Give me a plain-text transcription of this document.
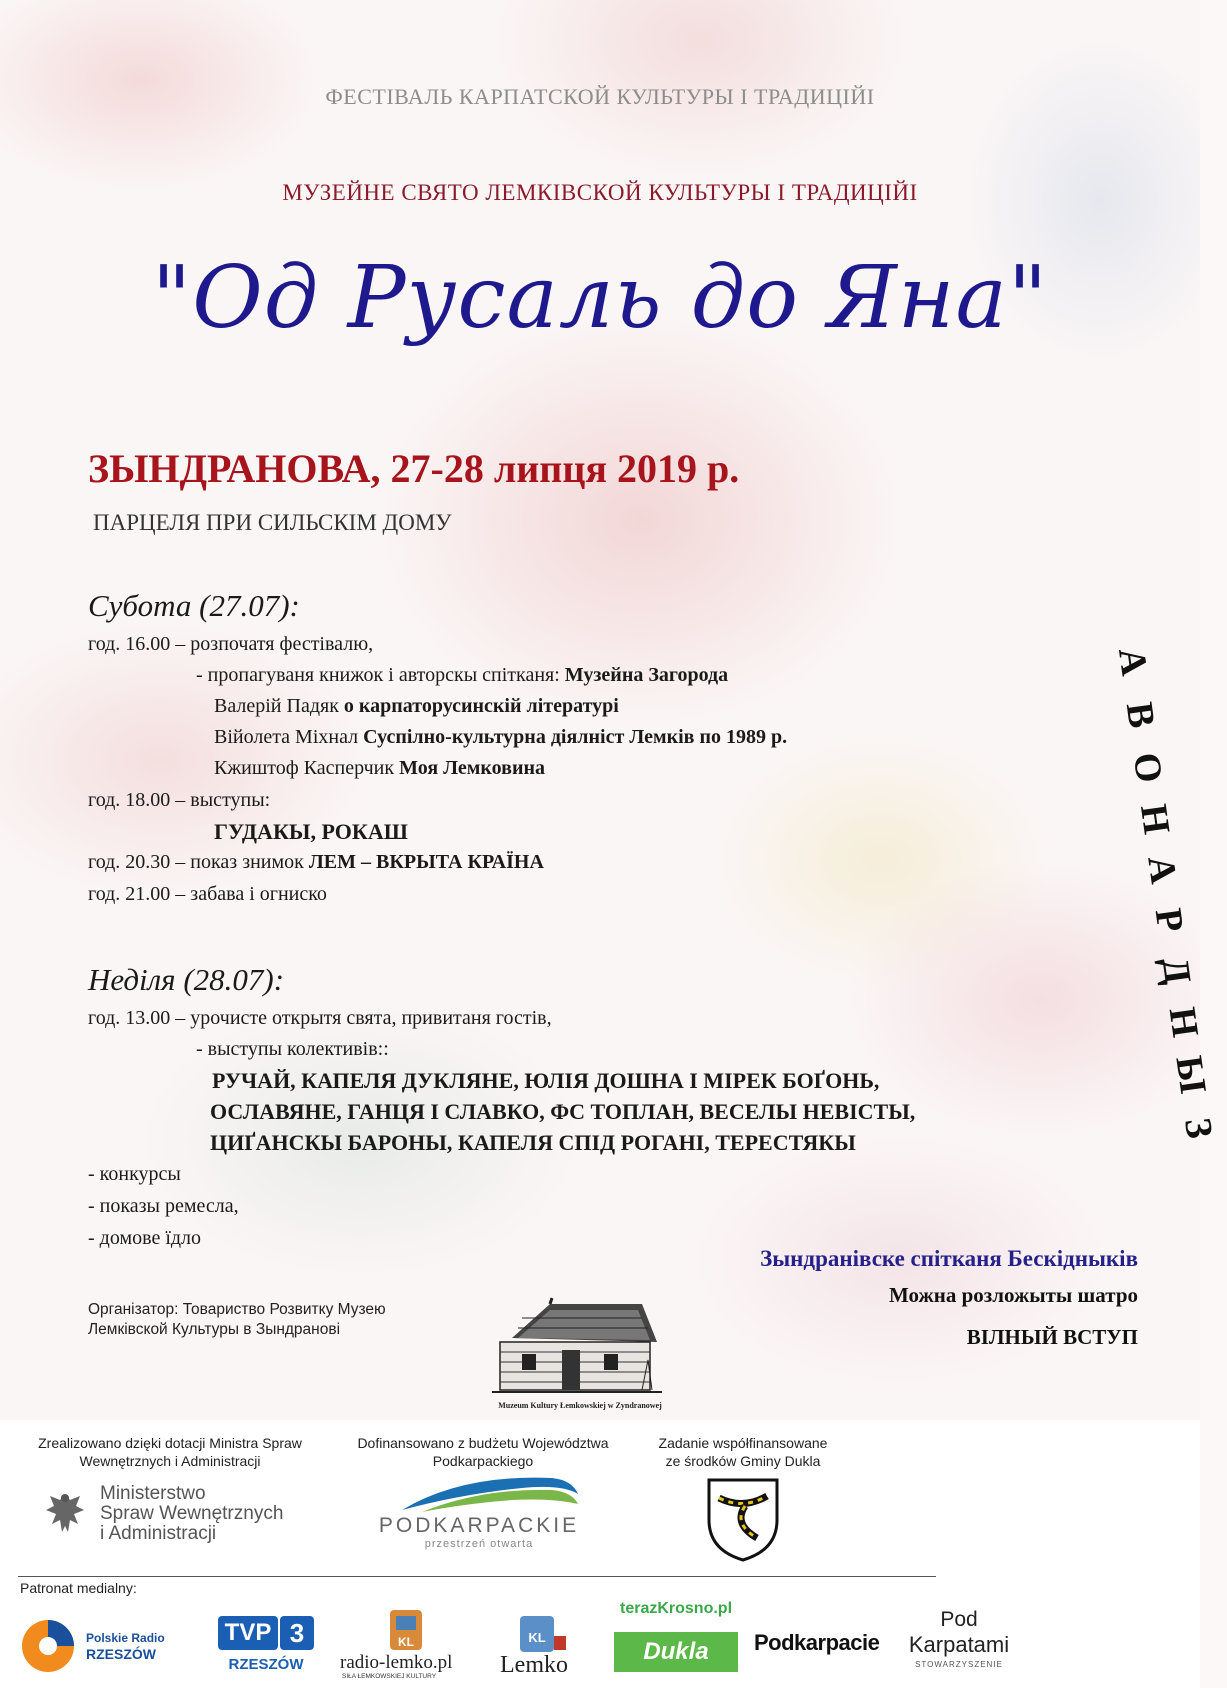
ФЕСТІВАЛЬ КАРПАТСКОЙ КУЛЬТУРЫ І ТРАДИЦІЙІ
МУЗЕЙНЕ СВЯТО ЛЕМКІВСКОЙ КУЛЬТУРЫ І ТРАДИЦІЙІ
"Од Русаль до Яна"
ЗЫНДРАНОВА, 27-28 липця 2019 р.
ПАРЦЕЛЯ ПРИ СИЛЬСКІМ ДОМУ
Субота (27.07):
год. 16.00 – розпочатя фестівалю,
- пропагуваня книжок і авторскы спітканя: Музейна Загорода
Валерій Падяк о карпаторусинскій літературі
Війолета Міхнал Суспілно-культурна діялніст Лемків по 1989 р.
Кжиштоф Касперчик Моя Лемковина
год. 18.00 – выступы:
ГУДАКЫ, РОКАШ
год. 20.30 – показ знимок ЛЕМ – ВКРЫТА КРАЇНА
год. 21.00 – забава і огниско
Неділя (28.07):
год. 13.00 – урочисте открытя свята, привитаня гостів,
- выступы колективів::
РУЧАЙ, КАПЕЛЯ ДУКЛЯНЕ, ЮЛІЯ ДОШНА І МІРЕК БОҐОНЬ,
ОСЛАВЯНЕ, ГАНЦЯ І СЛАВКО, ФС ТОПЛАН, ВЕСЕЛЫ НЕВІСТЫ,
ЦИҐАНСКЫ БАРОНЫ, КАПЕЛЯ СПІД РОГАНІ, ТЕРЕСТЯКЫ
- конкурсы
- показы ремесла,
- домове їдло
А
В
О
Н
А
Р
Д
Н
Ы
З
Зындранівске спітканя Бескідныків
Можна розложыты шатро
ВІЛНЫЙ ВСТУП
Організатор: Товариство Розвитку Музею Лемківской Культуры в Зындранові
Muzeum Kultury Łemkowskiej w Zyndranowej
Zrealizowano dzięki dotacji Ministra Spraw Wewnętrznych i Administracji
Dofinansowano z budżetu Województwa Podkarpackiego
Zadanie współfinansowane ze środków Gminy Dukla
Ministerstwo
Spraw Wewnętrznych
i Administracji	PODKARPACKIE
przestrzeń otwarta
Patronat medialny:
Polskie Radio
RZESZÓW
TVP 3
RZESZÓW
KL
radio-lemko.pl
SIŁA ŁEMKOWSKIEJ KULTURY
KL
Lemko
terazKrosno.pl
Dukla	Podkarpacie
Pod
Karpatami
STOWARZYSZENIE
